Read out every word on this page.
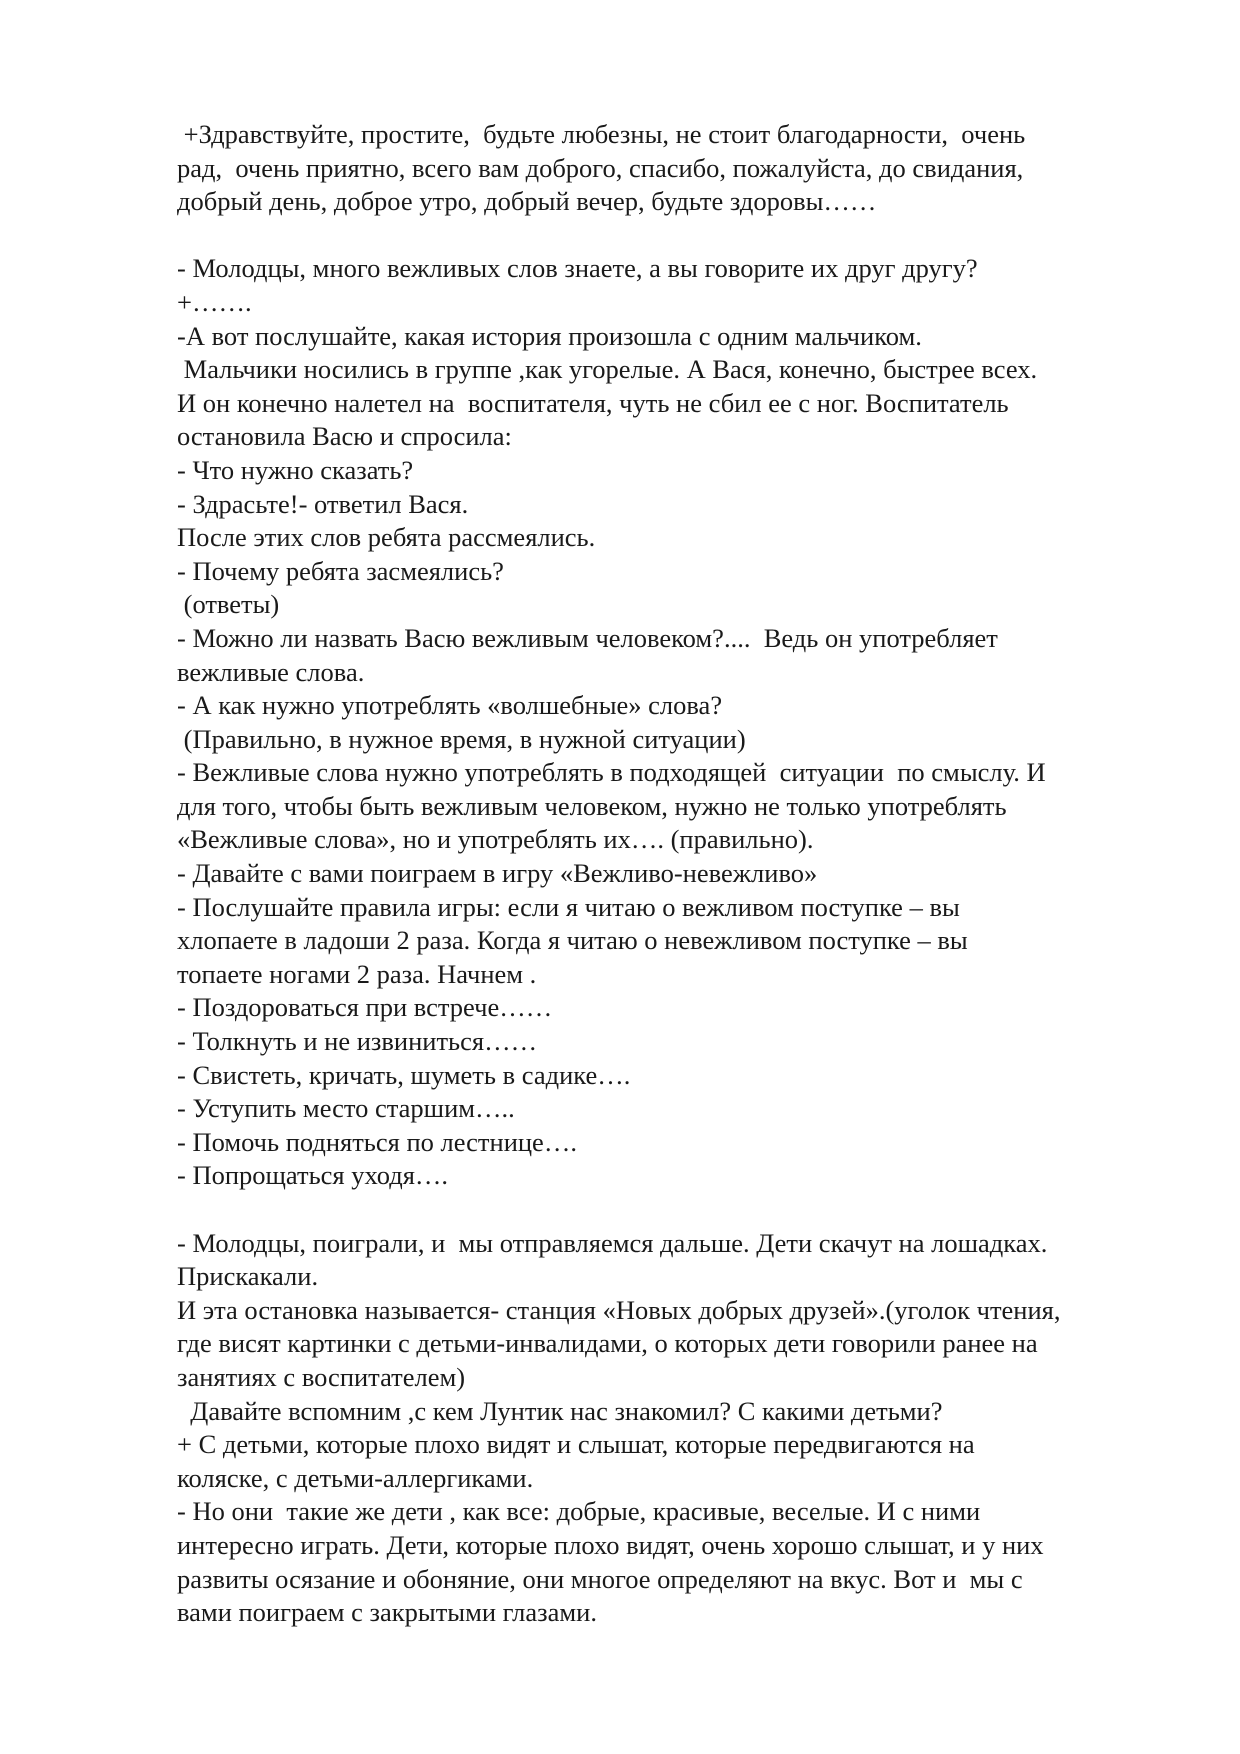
+Здравствуйте, простите,  будьте любезны, не стоит благодарности,  очень
рад,  очень приятно, всего вам доброго, спасибо, пожалуйста, до свидания,
добрый день, доброе утро, добрый вечер, будьте здоровы……
- Молодцы, много вежливых слов знаете, а вы говорите их друг другу?
+…….
-А вот послушайте, какая история произошла с одним мальчиком.
Мальчики носились в группе ,как угорелые. А Вася, конечно, быстрее всех.
И он конечно налетел на  воспитателя, чуть не сбил ее с ног. Воспитатель
остановила Васю и спросила:
- Что нужно сказать?
- Здрасьте!- ответил Вася.
После этих слов ребята рассмеялись.
- Почему ребята засмеялись?
(ответы)
- Можно ли назвать Васю вежливым человеком?....  Ведь он употребляет
вежливые слова.
- А как нужно употреблять «волшебные» слова?
(Правильно, в нужное время, в нужной ситуации)
- Вежливые слова нужно употреблять в подходящей  ситуации  по смыслу. И
для того, чтобы быть вежливым человеком, нужно не только употреблять
«Вежливые слова», но и употреблять их…. (правильно).
- Давайте с вами поиграем в игру «Вежливо-невежливо»
- Послушайте правила игры: если я читаю о вежливом поступке – вы
хлопаете в ладоши 2 раза. Когда я читаю о невежливом поступке – вы
топаете ногами 2 раза. Начнем .
- Поздороваться при встрече……
- Толкнуть и не извиниться……
- Свистеть, кричать, шуметь в садике….
- Уступить место старшим…..
- Помочь подняться по лестнице….
- Попрощаться уходя….
- Молодцы, поиграли, и  мы отправляемся дальше. Дети скачут на лошадках.
Прискакали.
И эта остановка называется- станция «Новых добрых друзей».(уголок чтения,
где висят картинки с детьми-инвалидами, о которых дети говорили ранее на
занятиях с воспитателем)
Давайте вспомним ,с кем Лунтик нас знакомил? С какими детьми?
+ С детьми, которые плохо видят и слышат, которые передвигаются на
коляске, с детьми-аллергиками.
- Но они  такие же дети , как все: добрые, красивые, веселые. И с ними
интересно играть. Дети, которые плохо видят, очень хорошо слышат, и у них
развиты осязание и обоняние, они многое определяют на вкус. Вот и  мы с
вами поиграем с закрытыми глазами.
